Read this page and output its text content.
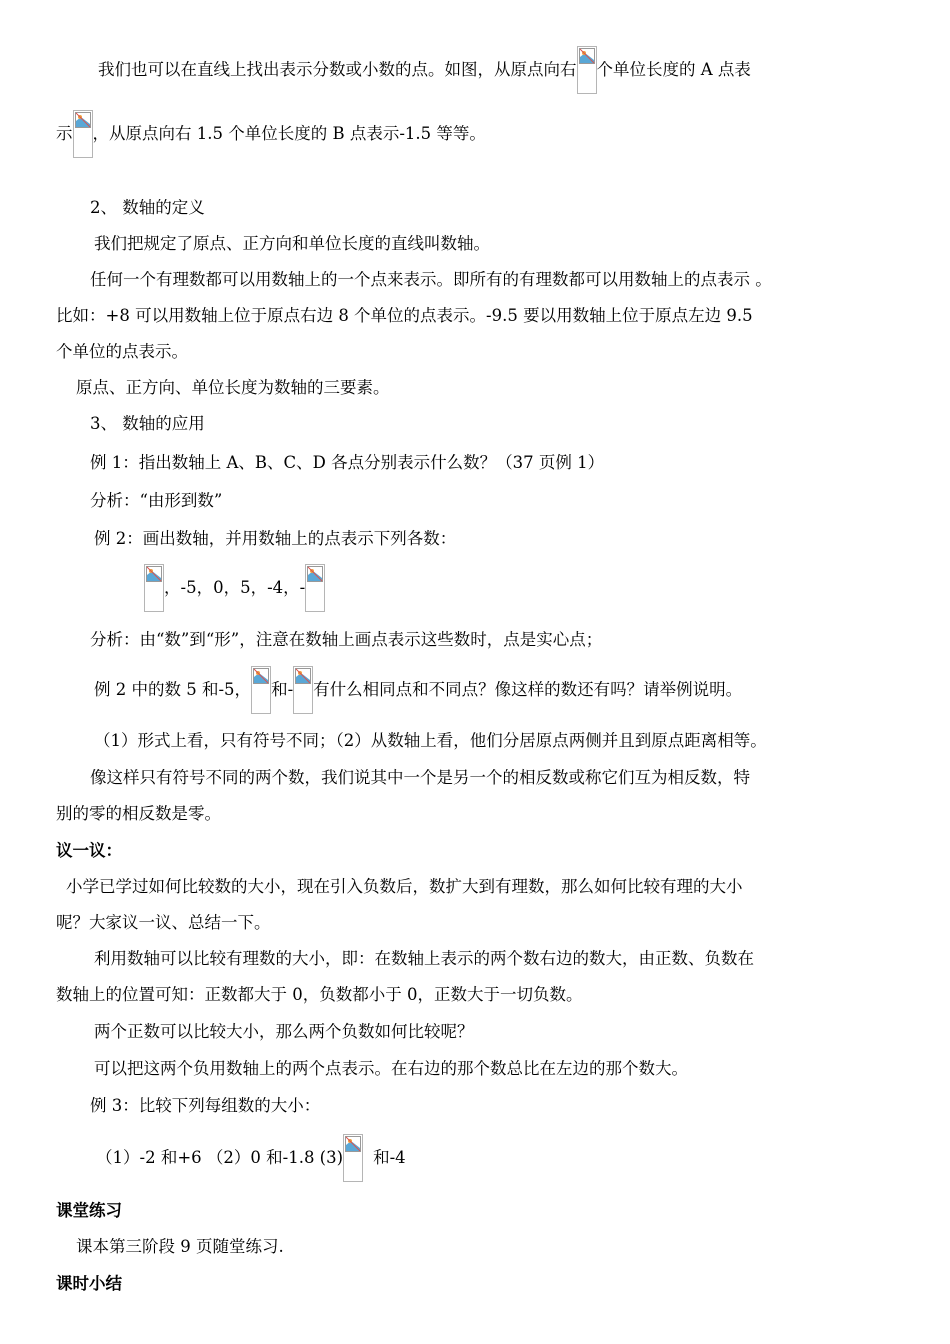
我们也可以在直线上找出表示分数或小数的点。如图，从原点向右 个单位长度的 A 点表
示 ，从原点向右 1.5 个单位长度的 B 点表示-1.5 等等。
2、 数轴的定义
我们把规定了原点、正方向和单位长度的直线叫数轴。
任何一个有理数都可以用数轴上的一个点来表示。即所有的有理数都可以用数轴上的点表示 。
比如：+8 可以用数轴上位于原点右边 8 个单位的点表示。-9.5 要以用数轴上位于原点左边 9.5
个单位的点表示。
原点、正方向、单位长度为数轴的三要素。
3、 数轴的应用
例 1：指出数轴上 A、B、C、D 各点分别表示什么数？（37 页例 1）
分析：“由形到数”
例 2：画出数轴，并用数轴上的点表示下列各数：
，-5，0，5，-4，-
分析：由“数”到“形”，注意在数轴上画点表示这些数时，点是实心点；
例 2 中的数 5 和-5， 和- 有什么相同点和不同点？像这样的数还有吗？请举例说明。
（1）形式上看，只有符号不同；（2）从数轴上看，他们分居原点两侧并且到原点距离相等。
像这样只有符号不同的两个数，我们说其中一个是另一个的相反数或称它们互为相反数，特
别的零的相反数是零。
议一议：
小学已学过如何比较数的大小，现在引入负数后，数扩大到有理数，那么如何比较有理的大小
呢？大家议一议、总结一下。
利用数轴可以比较有理数的大小，即：在数轴上表示的两个数右边的数大，由正数、负数在
数轴上的位置可知：正数都大于 0，负数都小于 0，正数大于一切负数。
两个正数可以比较大小，那么两个负数如何比较呢？
可以把这两个负用数轴上的两个点表示。在右边的那个数总比在左边的那个数大。
例 3：比较下列每组数的大小：
（1）-2 和+6 （2）0 和-1.8 (3) 和-4
课堂练习
课本第三阶段 9 页随堂练习.
课时小结
